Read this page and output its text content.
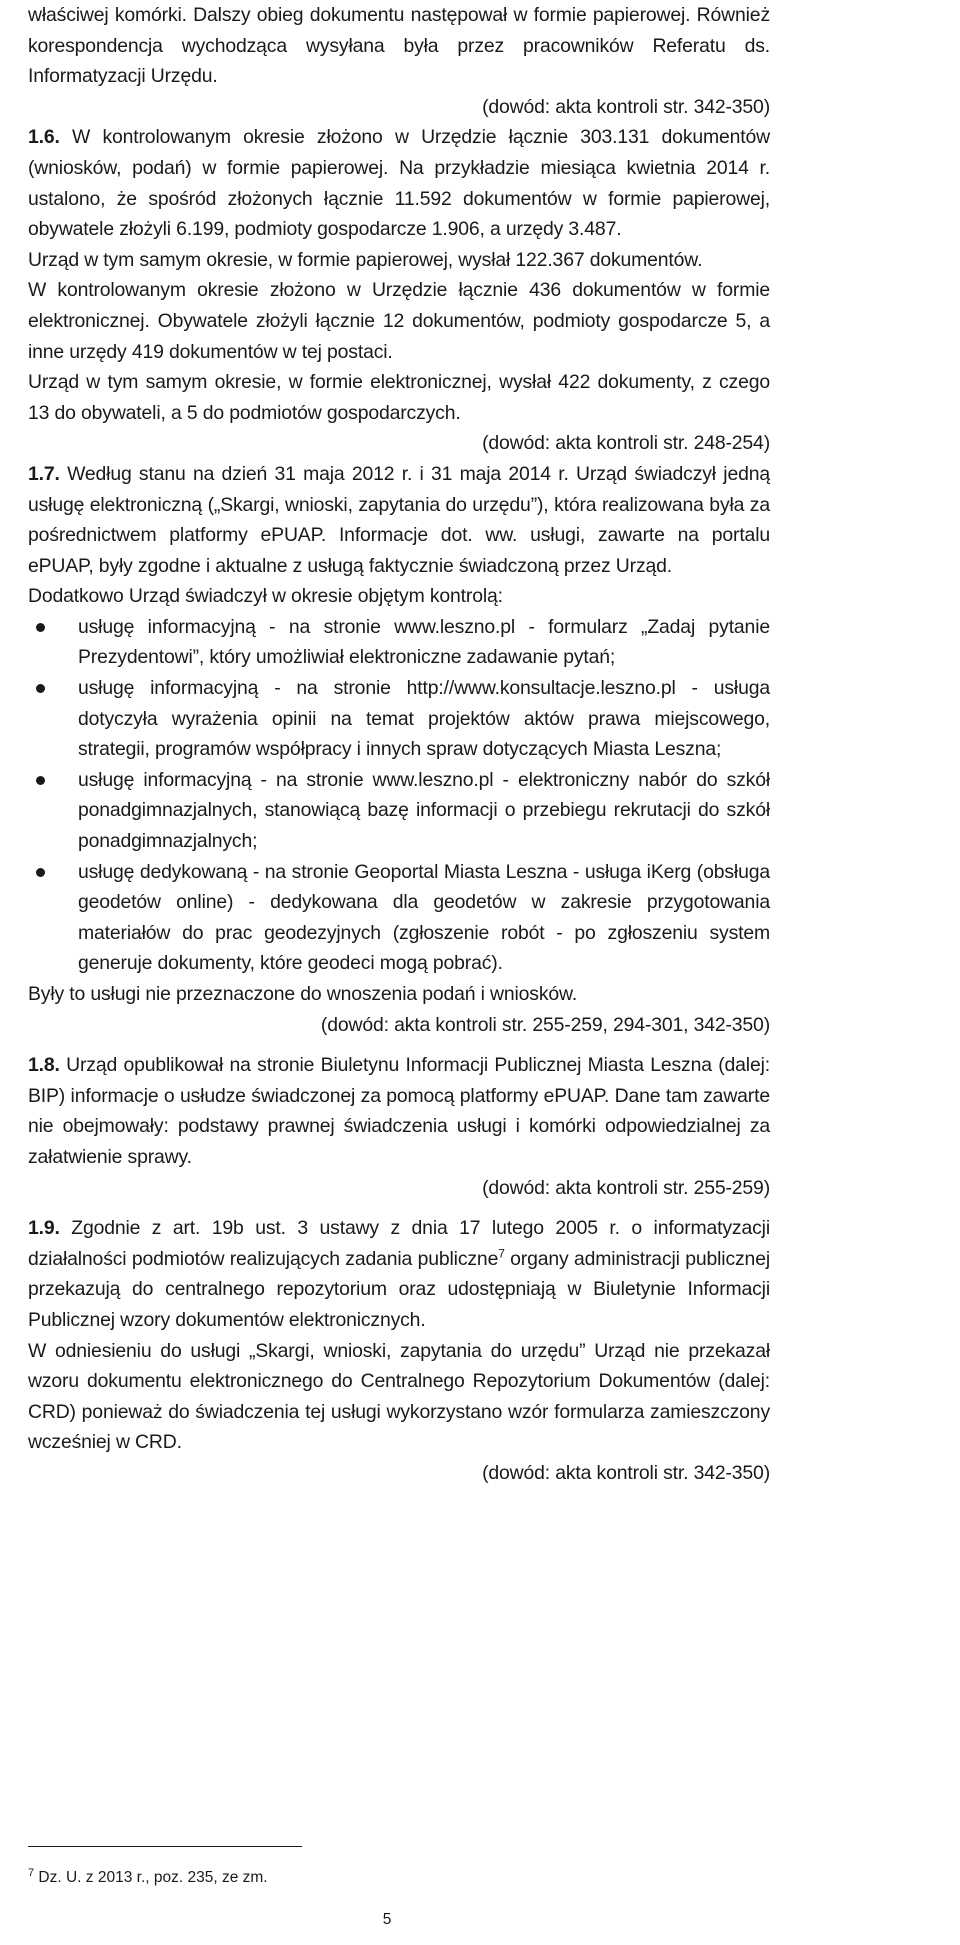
właściwej komórki. Dalszy obieg dokumentu następował w formie papierowej. Również korespondencja wychodząca wysyłana była przez pracowników Referatu ds. Informatyzacji Urzędu.

(dowód: akta kontroli str. 342-350)

1.6. W kontrolowanym okresie złożono w Urzędzie łącznie 303.131 dokumentów (wniosków, podań) w formie papierowej. Na przykładzie miesiąca kwietnia 2014 r. ustalono, że spośród złożonych łącznie 11.592 dokumentów w formie papierowej, obywatele złożyli 6.199, podmioty gospodarcze 1.906, a urzędy 3.487.

Urząd w tym samym okresie, w formie papierowej, wysłał 122.367 dokumentów.

W kontrolowanym okresie złożono w Urzędzie łącznie 436 dokumentów w formie elektronicznej. Obywatele złożyli łącznie 12 dokumentów, podmioty gospodarcze 5, a inne urzędy 419 dokumentów w tej postaci.

Urząd w tym samym okresie, w formie elektronicznej, wysłał 422 dokumenty, z czego 13 do obywateli, a 5 do podmiotów gospodarczych.

(dowód: akta kontroli str. 248-254)

1.7. Według stanu na dzień 31 maja 2012 r. i 31 maja 2014 r. Urząd świadczył jedną usługę elektroniczną („Skargi, wnioski, zapytania do urzędu”), która realizowana była za pośrednictwem platformy ePUAP. Informacje dot. ww. usługi, zawarte na portalu ePUAP, były zgodne i aktualne z usługą faktycznie świadczoną przez Urząd.

Dodatkowo Urząd świadczył w okresie objętym kontrolą:

usługę informacyjną - na stronie www.leszno.pl - formularz „Zadaj pytanie Prezydentowi”, który umożliwiał elektroniczne zadawanie pytań;
usługę informacyjną - na stronie http://www.konsultacje.leszno.pl - usługa dotyczyła wyrażenia opinii na temat projektów aktów prawa miejscowego, strategii, programów współpracy i innych spraw dotyczących Miasta Leszna;
usługę informacyjną - na stronie www.leszno.pl - elektroniczny nabór do szkół ponadgimnazjalnych, stanowiącą bazę informacji o przebiegu rekrutacji do szkół ponadgimnazjalnych;
usługę dedykowaną - na stronie Geoportal Miasta Leszna - usługa iKerg (obsługa geodetów online) - dedykowana dla geodetów w zakresie przygotowania materiałów do prac geodezyjnych (zgłoszenie robót - po zgłoszeniu system generuje dokumenty, które geodeci mogą pobrać).

Były to usługi nie przeznaczone do wnoszenia podań i wniosków.

(dowód: akta kontroli str. 255-259, 294-301, 342-350)

1.8. Urząd opublikował na stronie Biuletynu Informacji Publicznej Miasta Leszna (dalej: BIP) informacje o usłudze świadczonej za pomocą platformy ePUAP. Dane tam zawarte nie obejmowały: podstawy prawnej świadczenia usługi i komórki odpowiedzialnej za załatwienie sprawy.

(dowód: akta kontroli str. 255-259)

1.9. Zgodnie z art. 19b ust. 3 ustawy z dnia 17 lutego 2005 r. o informatyzacji działalności podmiotów realizujących zadania publiczne$^7$ organy administracji publicznej przekazują do centralnego repozytorium oraz udostępniają w Biuletynie Informacji Publicznej wzory dokumentów elektronicznych.

W odniesieniu do usługi „Skargi, wnioski, zapytania do urzędu” Urząd nie przekazał wzoru dokumentu elektronicznego do Centralnego Repozytorium Dokumentów (dalej: CRD) ponieważ do świadczenia tej usługi wykorzystano wzór formularza zamieszczony wcześniej w CRD.

(dowód: akta kontroli str. 342-350)

$^7$ Dz. U. z 2013 r., poz. 235, ze zm.

5
